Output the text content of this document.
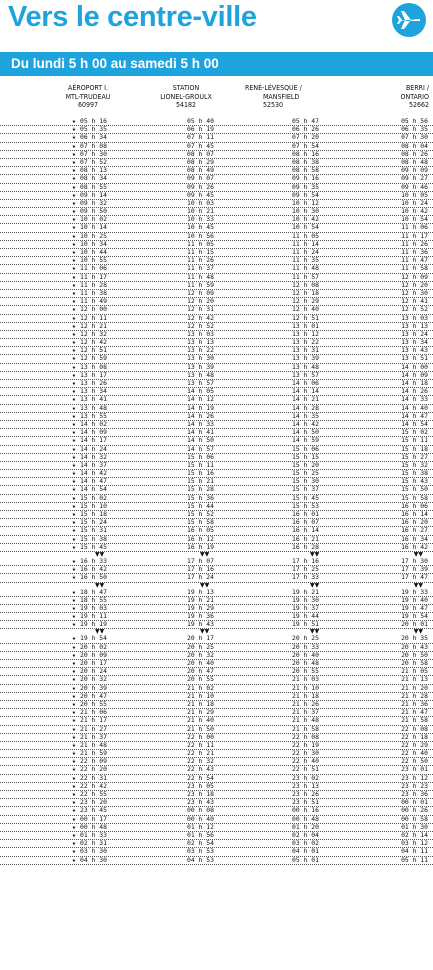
Vers le centre-ville
Du lundi 5 h 00 au samedi 5 h 00
AÉROPORT I.
MTL-TRUDEAU
60997
STATION
LIONEL-GROULX
54182
RENÉ-LÉVESQUE /
MANSFIELD
52530
BERRI /
ONTARIO
52662
★ 05 h 16	05 h 40	05 h 47	05 h 56
★ 05 h 35	06 h 19	06 h 26	06 h 35
★ 06 h 34	07 h 11	07 h 20	07 h 30
★ 07 h 08	07 h 45	07 h 54	08 h 04
★ 07 h 30	08 h 07	08 h 16	08 h 26
★ 07 h 52	08 h 29	08 h 38	08 h 48
★ 08 h 13	08 h 49	08 h 58	09 h 09
★ 08 h 34	09 h 07	09 h 16	09 h 27
★ 08 h 55	09 h 26	09 h 35	09 h 46
★ 09 h 14	09 h 45	09 h 54	10 h 05
★ 09 h 32	10 h 03	10 h 12	10 h 24
★ 09 h 50	10 h 21	10 h 30	10 h 42
★ 10 h 02	10 h 33	10 h 42	10 h 54
★ 10 h 14	10 h 45	10 h 54	11 h 06
★ 10 h 25	10 h 56	11 h 05	11 h 17
★ 10 h 34	11 h 05	11 h 14	11 h 26
★ 10 h 44	11 h 15	11 h 24	11 h 36
★ 10 h 55	11 h 26	11 h 35	11 h 47
★ 11 h 06	11 h 37	11 h 48	11 h 58
★ 11 h 17	11 h 48	11 h 57	12 h 09
★ 11 h 28	11 h 59	12 h 08	12 h 20
★ 11 h 38	12 h 09	12 h 18	12 h 30
★ 11 h 49	12 h 20	12 h 29	12 h 41
★ 12 h 00	12 h 31	12 h 40	12 h 52
★ 12 h 11	12 h 42	12 h 51	13 h 03
★ 12 h 21	12 h 52	13 h 01	13 h 13
★ 12 h 32	13 h 03	13 h 12	13 h 24
★ 12 h 42	13 h 13	13 h 22	13 h 34
★ 12 h 51	13 h 22	13 h 31	13 h 43
★ 12 h 59	13 h 30	13 h 39	13 h 51
★ 13 h 08	13 h 39	13 h 48	14 h 00
★ 13 h 17	13 h 48	13 h 57	14 h 09
★ 13 h 26	13 h 57	14 h 06	14 h 18
★ 13 h 34	14 h 05	14 h 14	14 h 26
★ 13 h 41	14 h 12	14 h 21	14 h 33
★ 13 h 48	14 h 19	14 h 28	14 h 40
★ 13 h 55	14 h 26	14 h 35	14 h 47
★ 14 h 02	14 h 33	14 h 42	14 h 54
★ 14 h 09	14 h 41	14 h 50	15 h 02
★ 14 h 17	14 h 50	14 h 59	15 h 11
★ 14 h 24	14 h 57	15 h 06	15 h 18
★ 14 h 32	15 h 06	15 h 15	15 h 27
★ 14 h 37	15 h 11	15 h 20	15 h 32
★ 14 h 42	15 h 16	15 h 25	15 h 38
★ 14 h 47	15 h 21	15 h 30	15 h 43
★ 14 h 54	15 h 28	15 h 37	15 h 50
★ 15 h 02	15 h 36	15 h 45	15 h 58
★ 15 h 10	15 h 44	15 h 53	16 h 06
★ 15 h 18	15 h 52	16 h 01	16 h 14
★ 15 h 24	15 h 58	16 h 07	16 h 20
★ 15 h 31	16 h 05	16 h 14	16 h 27
★ 15 h 38	16 h 12	16 h 21	16 h 34
★ 15 h 45	16 h 19	16 h 28	16 h 42
▼▼	▼▼	▼▼	▼▼
★ 16 h 33	17 h 07	17 h 16	17 h 30
★ 16 h 42	17 h 16	17 h 25	17 h 39
★ 16 h 50	17 h 24	17 h 33	17 h 47
▼▼	▼▼	▼▼	▼▼
★ 18 h 47	19 h 13	19 h 21	19 h 33
★ 18 h 55	19 h 21	19 h 30	19 h 40
★ 19 h 03	19 h 29	19 h 37	19 h 47
★ 19 h 11	19 h 36	19 h 44	19 h 54
★ 19 h 19	19 h 43	19 h 51	20 h 01
▼▼	▼▼	▼▼	▼▼
★ 19 h 54	20 h 17	20 h 25	20 h 35
★ 20 h 02	20 h 25	20 h 33	20 h 43
★ 20 h 09	20 h 32	20 h 40	20 h 50
★ 20 h 17	20 h 40	20 h 48	20 h 58
★ 20 h 24	20 h 47	20 h 55	21 h 05
★ 20 h 32	20 h 55	21 h 03	21 h 13
★ 20 h 39	21 h 02	21 h 10	21 h 20
★ 20 h 47	21 h 10	21 h 18	21 h 28
★ 20 h 55	21 h 18	21 h 26	21 h 36
★ 21 h 06	21 h 29	21 h 37	21 h 47
★ 21 h 17	21 h 40	21 h 48	21 h 58
★ 21 h 27	21 h 50	21 h 58	22 h 08
★ 21 h 37	22 h 00	22 h 08	22 h 18
★ 21 h 48	22 h 11	22 h 19	22 h 29
★ 21 h 59	22 h 21	22 h 30	22 h 40
★ 22 h 09	22 h 32	22 h 40	22 h 50
★ 22 h 20	22 h 43	22 h 51	23 h 01
★ 22 h 31	22 h 54	23 h 02	23 h 12
★ 22 h 42	23 h 05	23 h 13	23 h 23
★ 22 h 55	23 h 18	23 h 26	23 h 36
★ 23 h 20	23 h 43	23 h 51	00 h 01
★ 23 h 45	00 h 08	00 h 16	00 h 26
★ 00 h 17	00 h 40	00 h 48	00 h 58
★ 00 h 48	01 h 12	01 h 20	01 h 30
★ 01 h 33	01 h 56	02 h 04	02 h 14
★ 02 h 31	02 h 54	03 h 02	03 h 12
★ 03 h 30	03 h 53	04 h 01	04 h 11
★ 04 h 30	04 h 53	05 h 01	05 h 11
